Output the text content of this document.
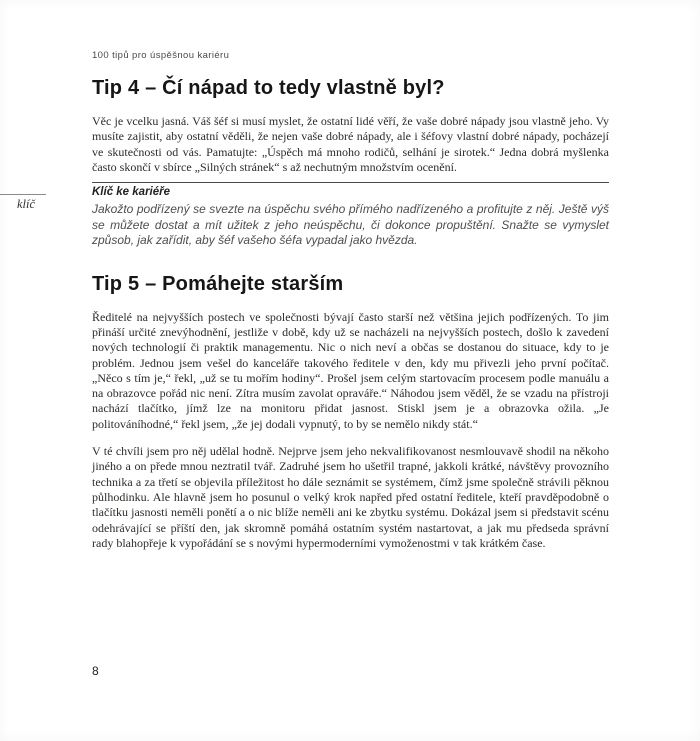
klíč
100 tipů pro úspěšnou kariéru
Tip 4 – Čí nápad to tedy vlastně byl?

Věc je vcelku jasná. Váš šéf si musí myslet, že ostatní lidé věří, že vaše dobré nápady jsou vlastně jeho. Vy musíte zajistit, aby ostatní věděli, že nejen vaše dobré nápady, ale i šéfovy vlastní dobré nápady, pocházejí ve skutečnosti od vás. Pamatujte: „Úspěch má mnoho rodičů, selhání je sirotek.“ Jedna dobrá myšlenka často skončí v sbírce „Silných stránek“ s až nechutným množstvím ocenění.

Klíč ke kariéře

Jakožto podřízený se svezte na úspěchu svého přímého nadřízeného a profitujte z něj. Ještě výš se můžete dostat a mít užitek z jeho neúspěchu, či dokonce propuštění. Snažte se vymyslet způsob, jak zařídit, aby šéf vašeho šéfa vypadal jako hvězda.

Tip 5 – Pomáhejte starším

Ředitelé na nejvyšších postech ve společnosti bývají často starší než většina jejich podřízených. To jim přináší určité znevýhodnění, jestliže v době, kdy už se nacházeli na nejvyšších postech, došlo k zavedení nových technologií či praktik managementu. Nic o nich neví a občas se dostanou do situace, kdy to je problém. Jednou jsem vešel do kanceláře takového ředitele v den, kdy mu přivezli jeho první počítač. „Něco s tím je,“ řekl, „už se tu mořím hodiny“. Prošel jsem celým startovacím procesem podle manuálu a na obrazovce pořád nic není. Zítra musím zavolat opraváře.“ Náhodou jsem věděl, že se vzadu na přístroji nachází tlačítko, jímž lze na monitoru přidat jasnost. Stiskl jsem je a obrazovka ožila. „Je politováníhodné,“ řekl jsem, „že jej dodali vypnutý, to by se nemělo nikdy stát.“

V té chvíli jsem pro něj udělal hodně. Nejprve jsem jeho nekvalifikovanost nesmlouvavě shodil na někoho jiného a on přede mnou neztratil tvář. Zadruhé jsem ho ušetřil trapné, jakkoli krátké, návštěvy provozního technika a za třetí se objevila příležitost ho dále seznámit se systémem, čímž jsme společně strávili pěknou půlhodinku. Ale hlavně jsem ho posunul o velký krok napřed před ostatní ředitele, kteří pravděpodobně o tlačítku jasnosti neměli ponětí a o nic blíže neměli ani ke zbytku systému. Dokázal jsem si představit scénu odehrávající se příští den, jak skromně pomáhá ostatním systém nastartovat, a jak mu předseda správní rady blahopřeje k vypořádání se s novými hypermoderními vymoženostmi v tak krátkém čase.

8
